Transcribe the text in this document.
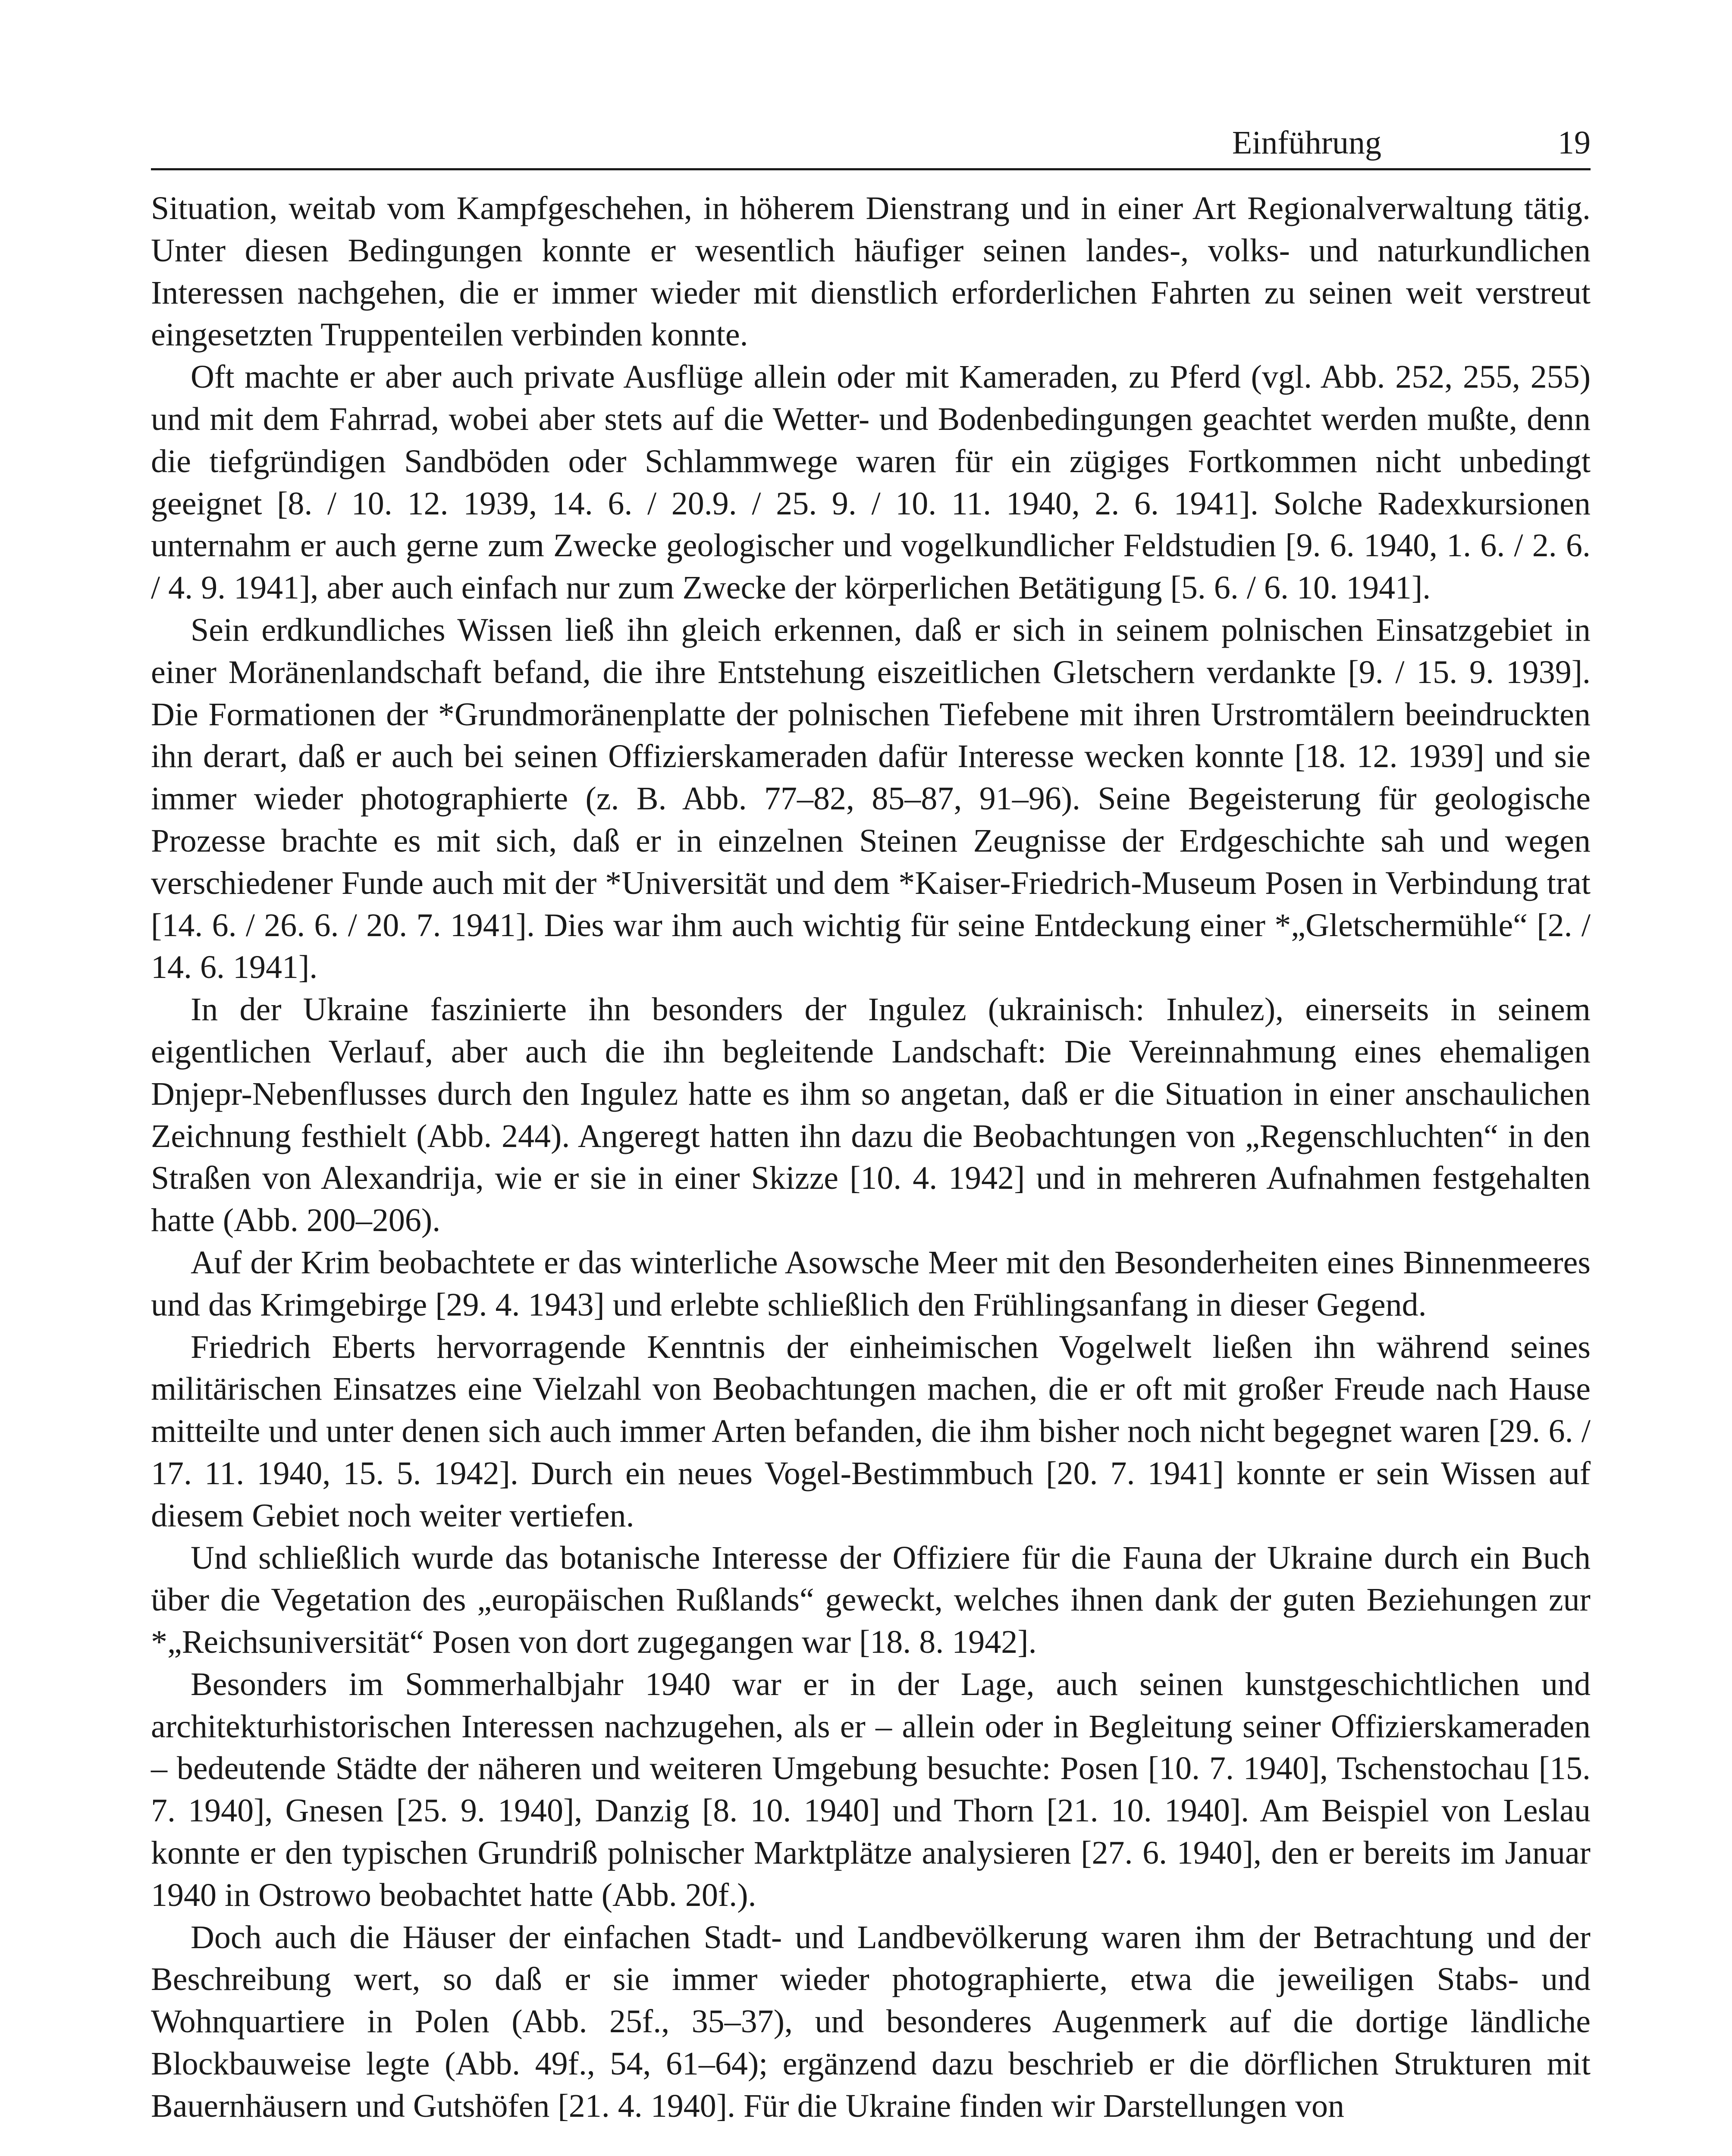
Einführung	19

Situation, weitab vom Kampfgeschehen, in höherem Dienstrang und in einer Art Regionalverwaltung tätig. Unter diesen Bedingungen konnte er wesentlich häufiger seinen landes-, volks- und naturkundlichen Interessen nachgehen, die er immer wieder mit dienstlich erforderlichen Fahrten zu seinen weit verstreut eingesetzten Truppenteilen verbinden konnte.

Oft machte er aber auch private Ausflüge allein oder mit Kameraden, zu Pferd (vgl. Abb. 252, 255, 255) und mit dem Fahrrad, wobei aber stets auf die Wetter- und Bodenbedingungen geachtet werden mußte, denn die tiefgründigen Sandböden oder Schlammwege waren für ein zügiges Fortkommen nicht unbedingt geeignet [8. / 10. 12. 1939, 14. 6. / 20.9. / 25. 9. / 10. 11. 1940, 2. 6. 1941]. Solche Radexkursionen unternahm er auch gerne zum Zwecke geologischer und vogelkundlicher Feldstudien [9. 6. 1940, 1. 6. / 2. 6. / 4. 9. 1941], aber auch einfach nur zum Zwecke der körperlichen Betätigung [5. 6. / 6. 10. 1941].

Sein erdkundliches Wissen ließ ihn gleich erkennen, daß er sich in seinem polnischen Einsatzgebiet in einer Moränenlandschaft befand, die ihre Entstehung eiszeitlichen Gletschern verdankte [9. / 15. 9. 1939]. Die Formationen der *Grundmoränenplatte der polnischen Tiefebene mit ihren Urstromtälern beeindruckten ihn derart, daß er auch bei seinen Offizierskameraden dafür Interesse wecken konnte [18. 12. 1939] und sie immer wieder photographierte (z. B. Abb. 77–82, 85–87, 91–96). Seine Begeisterung für geologische Prozesse brachte es mit sich, daß er in einzelnen Steinen Zeugnisse der Erdgeschichte sah und wegen verschiedener Funde auch mit der *Universität und dem *Kaiser-Friedrich-Museum Posen in Verbindung trat [14. 6. / 26. 6. / 20. 7. 1941]. Dies war ihm auch wichtig für seine Entdeckung einer *„Gletschermühle“ [2. / 14. 6. 1941].

In der Ukraine faszinierte ihn besonders der Ingulez (ukrainisch: Inhulez), einerseits in seinem eigentlichen Verlauf, aber auch die ihn begleitende Landschaft: Die Vereinnahmung eines ehemaligen Dnjepr-Nebenflusses durch den Ingulez hatte es ihm so angetan, daß er die Situation in einer anschaulichen Zeichnung festhielt (Abb. 244). Angeregt hatten ihn dazu die Beobachtungen von „Regenschluchten“ in den Straßen von Alexandrija, wie er sie in einer Skizze [10. 4. 1942] und in mehreren Aufnahmen festgehalten hatte (Abb. 200–206).

Auf der Krim beobachtete er das winterliche Asowsche Meer mit den Besonderheiten eines Binnenmeeres und das Krimgebirge [29. 4. 1943] und erlebte schließlich den Frühlingsanfang in dieser Gegend.

Friedrich Eberts hervorragende Kenntnis der einheimischen Vogelwelt ließen ihn während seines militärischen Einsatzes eine Vielzahl von Beobachtungen machen, die er oft mit großer Freude nach Hause mitteilte und unter denen sich auch immer Arten befanden, die ihm bisher noch nicht begegnet waren [29. 6. / 17. 11. 1940, 15. 5. 1942]. Durch ein neues Vogel-Bestimmbuch [20. 7. 1941] konnte er sein Wissen auf diesem Gebiet noch weiter vertiefen.

Und schließlich wurde das botanische Interesse der Offiziere für die Fauna der Ukraine durch ein Buch über die Vegetation des „europäischen Rußlands“ geweckt, welches ihnen dank der guten Beziehungen zur *„Reichsuniversität“ Posen von dort zugegangen war [18. 8. 1942].

Besonders im Sommerhalbjahr 1940 war er in der Lage, auch seinen kunstgeschichtlichen und architekturhistorischen Interessen nachzugehen, als er – allein oder in Begleitung seiner Offizierskameraden – bedeutende Städte der näheren und weiteren Umgebung besuchte: Posen [10. 7. 1940], Tschenstochau [15. 7. 1940], Gnesen [25. 9. 1940], Danzig [8. 10. 1940] und Thorn [21. 10. 1940]. Am Beispiel von Leslau konnte er den typischen Grundriß polnischer Marktplätze analysieren [27. 6. 1940], den er bereits im Januar 1940 in Ostrowo beobachtet hatte (Abb. 20f.).

Doch auch die Häuser der einfachen Stadt- und Landbevölkerung waren ihm der Betrachtung und der Beschreibung wert, so daß er sie immer wieder photographierte, etwa die jeweiligen Stabs- und Wohnquartiere in Polen (Abb. 25f., 35–37), und besonderes Augenmerk auf die dortige ländliche Blockbauweise legte (Abb. 49f., 54, 61–64); ergänzend dazu beschrieb er die dörflichen Strukturen mit Bauernhäusern und Gutshöfen [21. 4. 1940]. Für die Ukraine finden wir Darstellungen von
